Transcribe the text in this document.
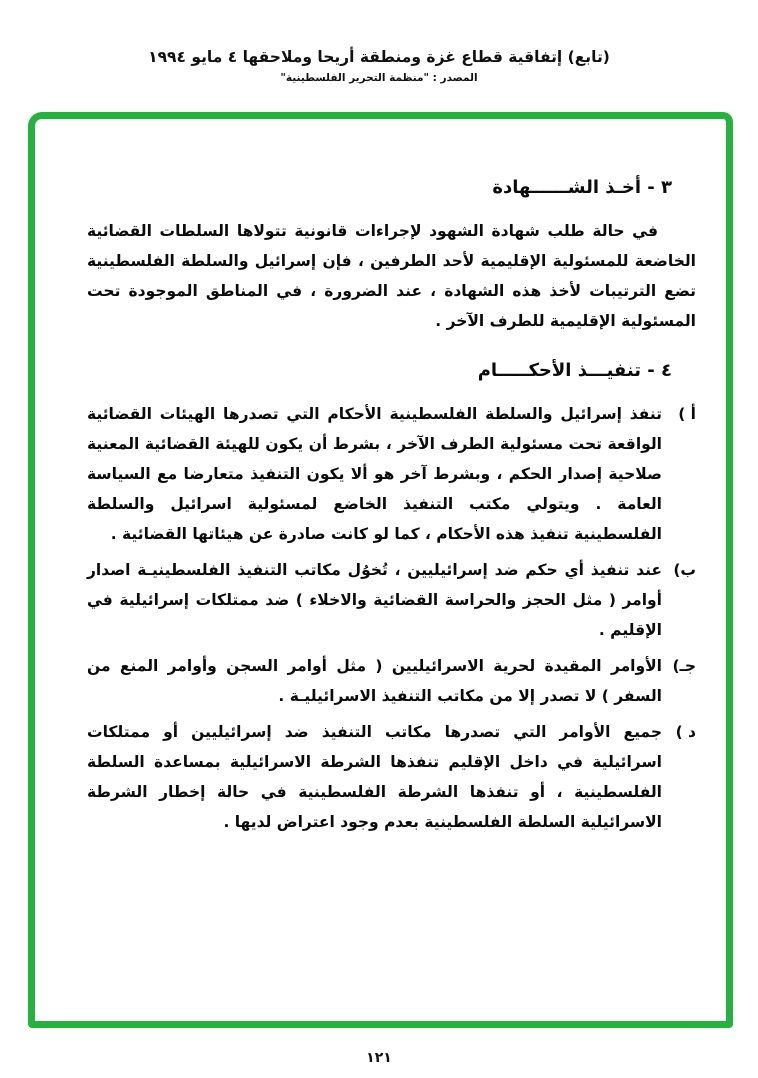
(تابع) إتفاقية قطاع غزة ومنطقة أريحا وملاحقها ٤ مايو ١٩٩٤
المصدر : "منظمة التحرير الفلسطينية"
٣ - أخـذ الشــــــهادة

في حالة طلب شهادة الشهود لإجراءات قانونية تتولاها السلطات القضائية الخاضعة للمسئولية الإقليمية لأحد الطرفين ، فإن إسرائيل والسلطة الفلسطينية تضع الترتيبات لأخذ هذه الشهادة ، عند الضرورة ، في المناطق الموجودة تحت المسئولية الإقليمية للطرف الآخر .

٤ - تنفيـــذ الأحكـــــام
أ )
تنفذ إسرائيل والسلطة الفلسطينية الأحكام التي تصدرها الهيئات القضائية الواقعة تحت مسئولية الطرف الآخر ، بشرط أن يكون للهيئة القضائية المعنية صلاحية إصدار الحكم ، وبشرط آخر هو ألا يكون التنفيذ متعارضا مع السياسة العامة . ويتولي مكتب التنفيذ الخاضع لمسئولية اسرائيل والسلطة الفلسطينية تنفيذ هذه الأحكام ، كما لو كانت صادرة عن هيئاتها القضائية .
ب)
عند تنفيذ أي حكم ضد إسرائيليين ، تُخوُل مكاتب التنفيذ الفلسطينيـة اصدار أوامر ( مثل الحجز والحراسة القضائية والاخلاء ) ضد ممتلكات إسرائيلية في الإقليم .
جـ)
الأوامر المقيدة لحرية الاسرائيليين ( مثل أوامر السجن وأوامر المنع من السفر ) لا تصدر إلا من مكاتب التنفيذ الاسرائيليـة .
د )
جميع الأوامر التي تصدرها مكاتب التنفيذ ضد إسرائيليين أو ممتلكات اسرائيلية في داخل الإقليم تنفذها الشرطة الاسرائيلية بمساعدة السلطة الفلسطينية ، أو تنفذها الشرطة الفلسطينية في حالة إخطار الشرطة الاسرائيلية السلطة الفلسطينية بعدم وجود اعتراض لديها .
١٢١
